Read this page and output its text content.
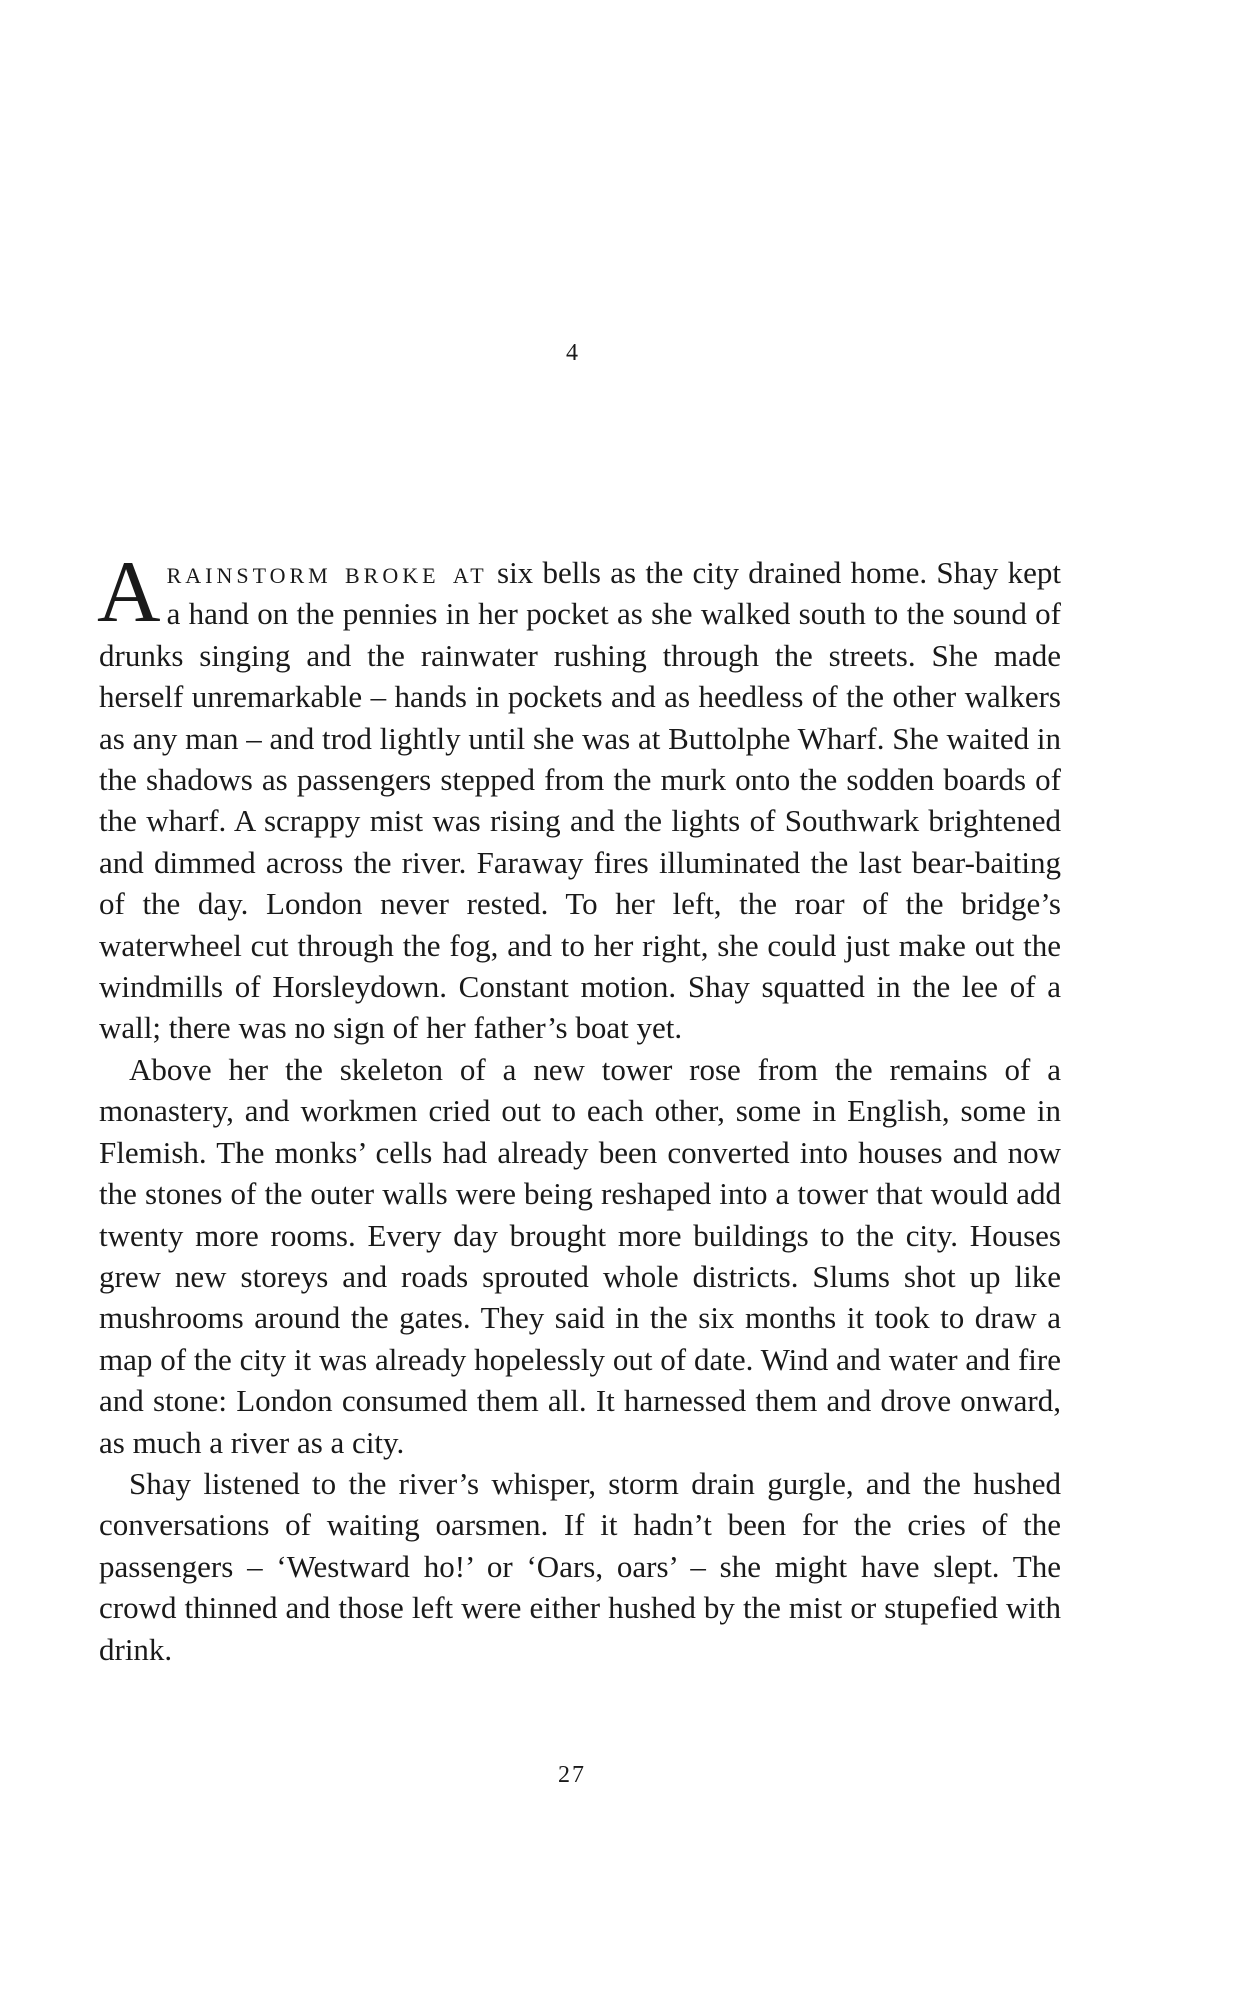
4

Arainstorm broke at six bells as the city drained home. Shay kept a hand on the pennies in her pocket as she walked south to the sound of drunks singing and the rainwater rushing through the streets. She made herself unremarkable – hands in pockets and as heedless of the other walkers as any man – and trod lightly until she was at Buttolphe Wharf. She waited in the shadows as passengers stepped from the murk onto the sodden boards of the wharf. A scrappy mist was rising and the lights of Southwark brightened and dimmed across the river. Faraway fires illuminated the last bear-baiting of the day. London never rested. To her left, the roar of the bridge’s waterwheel cut through the fog, and to her right, she could just make out the windmills of Horsleydown. Constant motion. Shay squatted in the lee of a wall; there was no sign of her father’s boat yet.

Above her the skeleton of a new tower rose from the remains of a monastery, and workmen cried out to each other, some in English, some in Flemish. The monks’ cells had already been converted into houses and now the stones of the outer walls were being reshaped into a tower that would add twenty more rooms. Every day brought more buildings to the city. Houses grew new storeys and roads sprouted whole districts. Slums shot up like mushrooms around the gates. They said in the six months it took to draw a map of the city it was already hopelessly out of date. Wind and water and fire and stone: London consumed them all. It harnessed them and drove onward, as much a river as a city.

Shay listened to the river’s whisper, storm drain gurgle, and the hushed conversations of waiting oarsmen. If it hadn’t been for the cries of the passengers – ‘Westward ho!’ or ‘Oars, oars’ – she might have slept. The crowd thinned and those left were either hushed by the mist or stupefied with drink.

27
